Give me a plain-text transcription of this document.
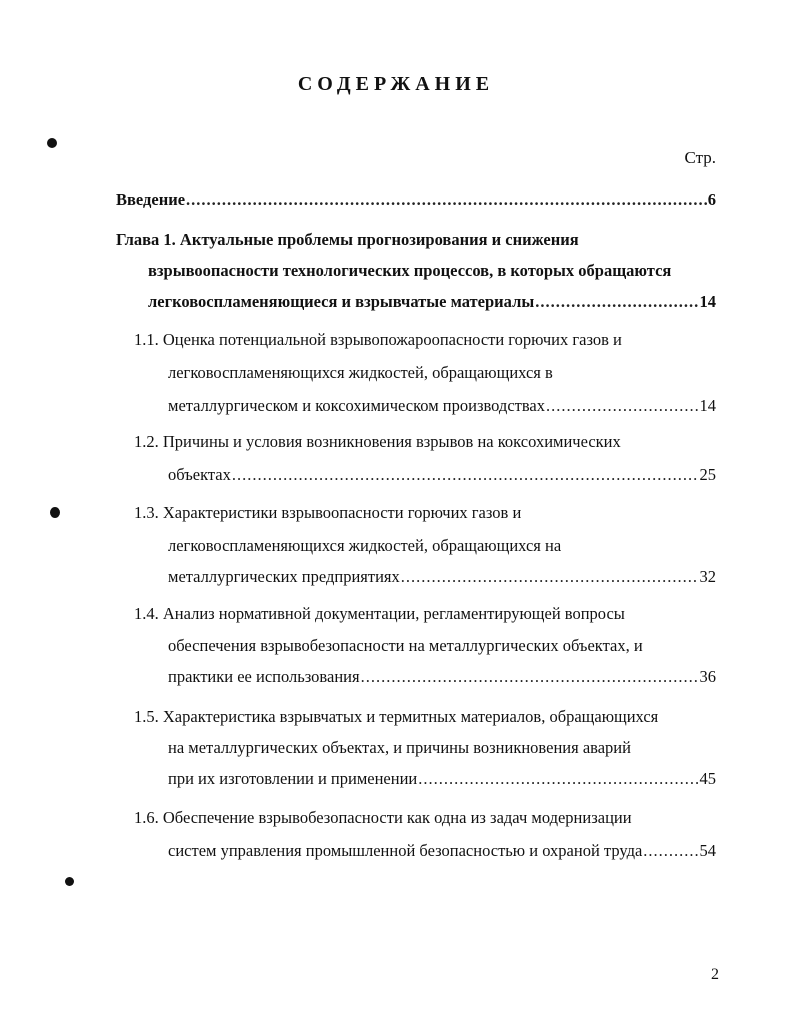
СОДЕРЖАНИЕ
Стр.
Введение .....	6
Глава 1. Актуальные проблемы прогнозирования и снижения
взрывоопасности технологических процессов, в которых обращаются
легковоспламеняющиеся и взрывчатые материалы .....	14
1.1. Оценка потенциальной взрывопожароопасности горючих газов и
легковоспламеняющихся жидкостей, обращающихся в
металлургическом и коксохимическом производствах .....	14
1.2. Причины и условия возникновения взрывов на коксохимических
объектах .....	25
1.3. Характеристики взрывоопасности горючих газов и
легковоспламеняющихся жидкостей, обращающихся на
металлургических предприятиях .....	32
1.4. Анализ нормативной документации, регламентирующей вопросы
обеспечения взрывобезопасности на металлургических объектах, и
практики ее использования .....	36
1.5. Характеристика взрывчатых и термитных материалов, обращающихся
на металлургических объектах, и причины возникновения аварий
при их изготовлении и применении .....	45
1.6. Обеспечение взрывобезопасности как одна из задач модернизации
систем управления промышленной безопасностью и охраной труда .....	54
2
